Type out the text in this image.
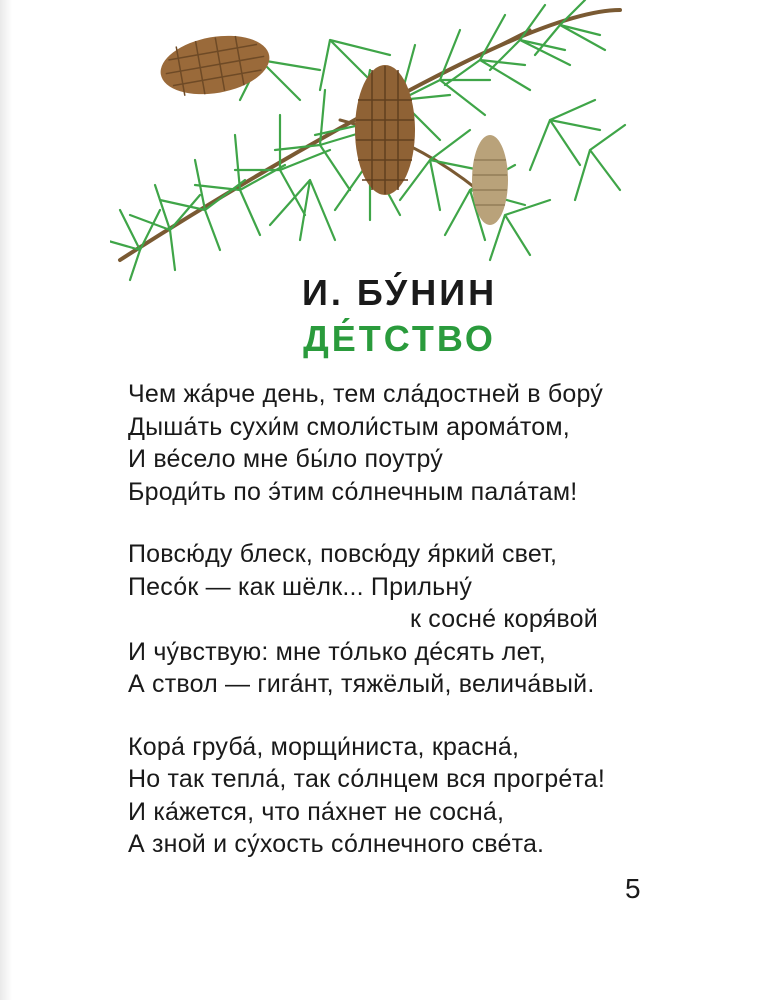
И. БУ́НИН
ДЕ́ТСТВО
Чем жа́рче день, тем сла́достней в бору́
Дыша́ть сухи́м смоли́стым арома́том,
И ве́село мне бы́ло поутру́
Броди́ть по э́тим со́лнечным пала́там!
Повсю́ду блеск, повсю́ду я́ркий свет,
Песо́к — как шёлк... Прильну́
к сосне́ коря́вой
И чу́вствую: мне то́лько де́сять лет,
А ствол — гига́нт, тяжёлый, велича́вый.
Кора́ груба́, морщи́ниста, красна́,
Но так тепла́, так со́лнцем вся прогре́та!
И ка́жется, что па́хнет не сосна́,
А зной и су́хость со́лнечного све́та.
5
